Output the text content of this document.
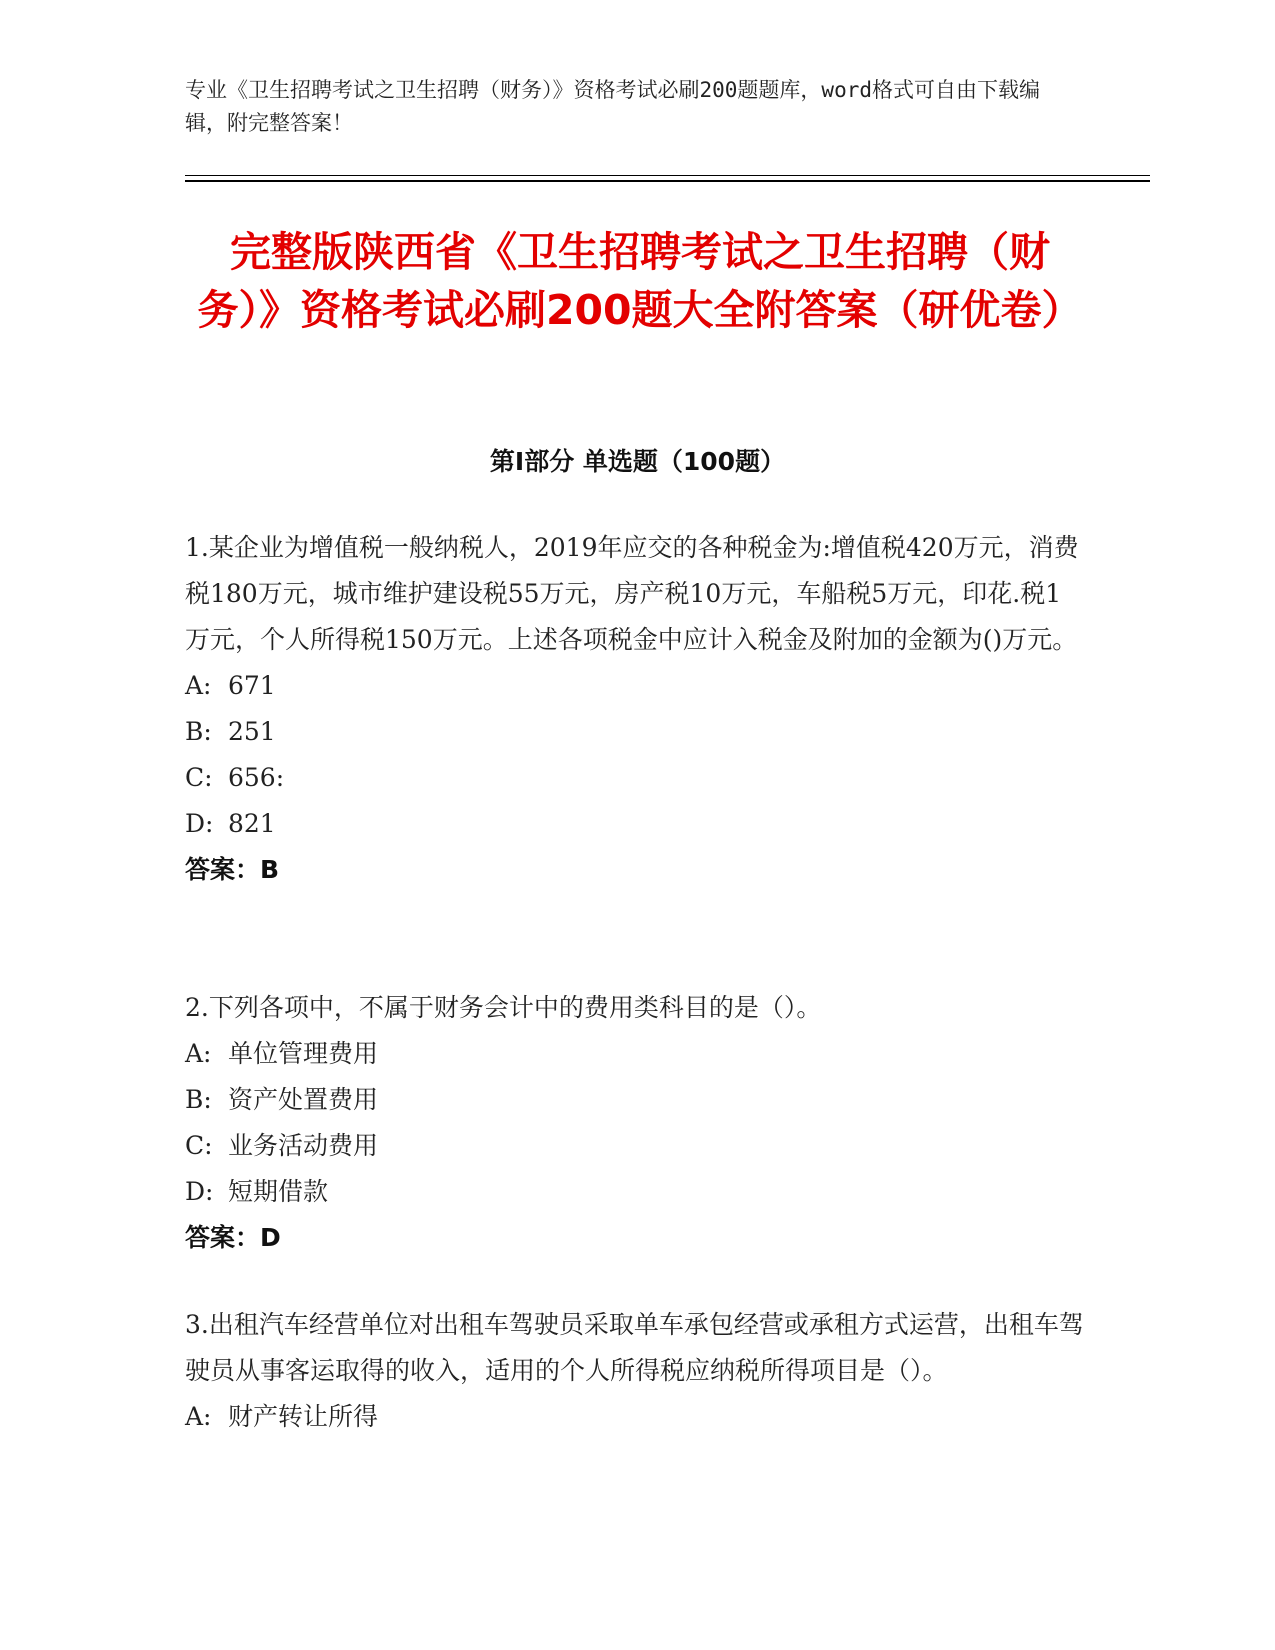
专业《卫生招聘考试之卫生招聘（财务）》资格考试必刷200题题库，word格式可自由下载编辑，附完整答案！

完整版陕西省《卫生招聘考试之卫生招聘（财务）》资格考试必刷200题大全附答案（研优卷）
第Ⅰ部分 单选题（100题）

1.某企业为增值税一般纳税人，2019年应交的各种税金为:增值税420万元，消费税180万元，城市维护建设税55万元，房产税10万元，车船税5万元，印花.税1万元，个人所得税150万元。上述各项税金中应计入税金及附加的金额为()万元。

A: 671
B: 251
C: 656:
D: 821

答案：B

2.下列各项中，不属于财务会计中的费用类科目的是（）。

A: 单位管理费用
B: 资产处置费用
C: 业务活动费用
D: 短期借款

答案：D

3.出租汽车经营单位对出租车驾驶员采取单车承包经营或承租方式运营，出租车驾驶员从事客运取得的收入，适用的个人所得税应纳税所得项目是（）。

A: 财产转让所得
